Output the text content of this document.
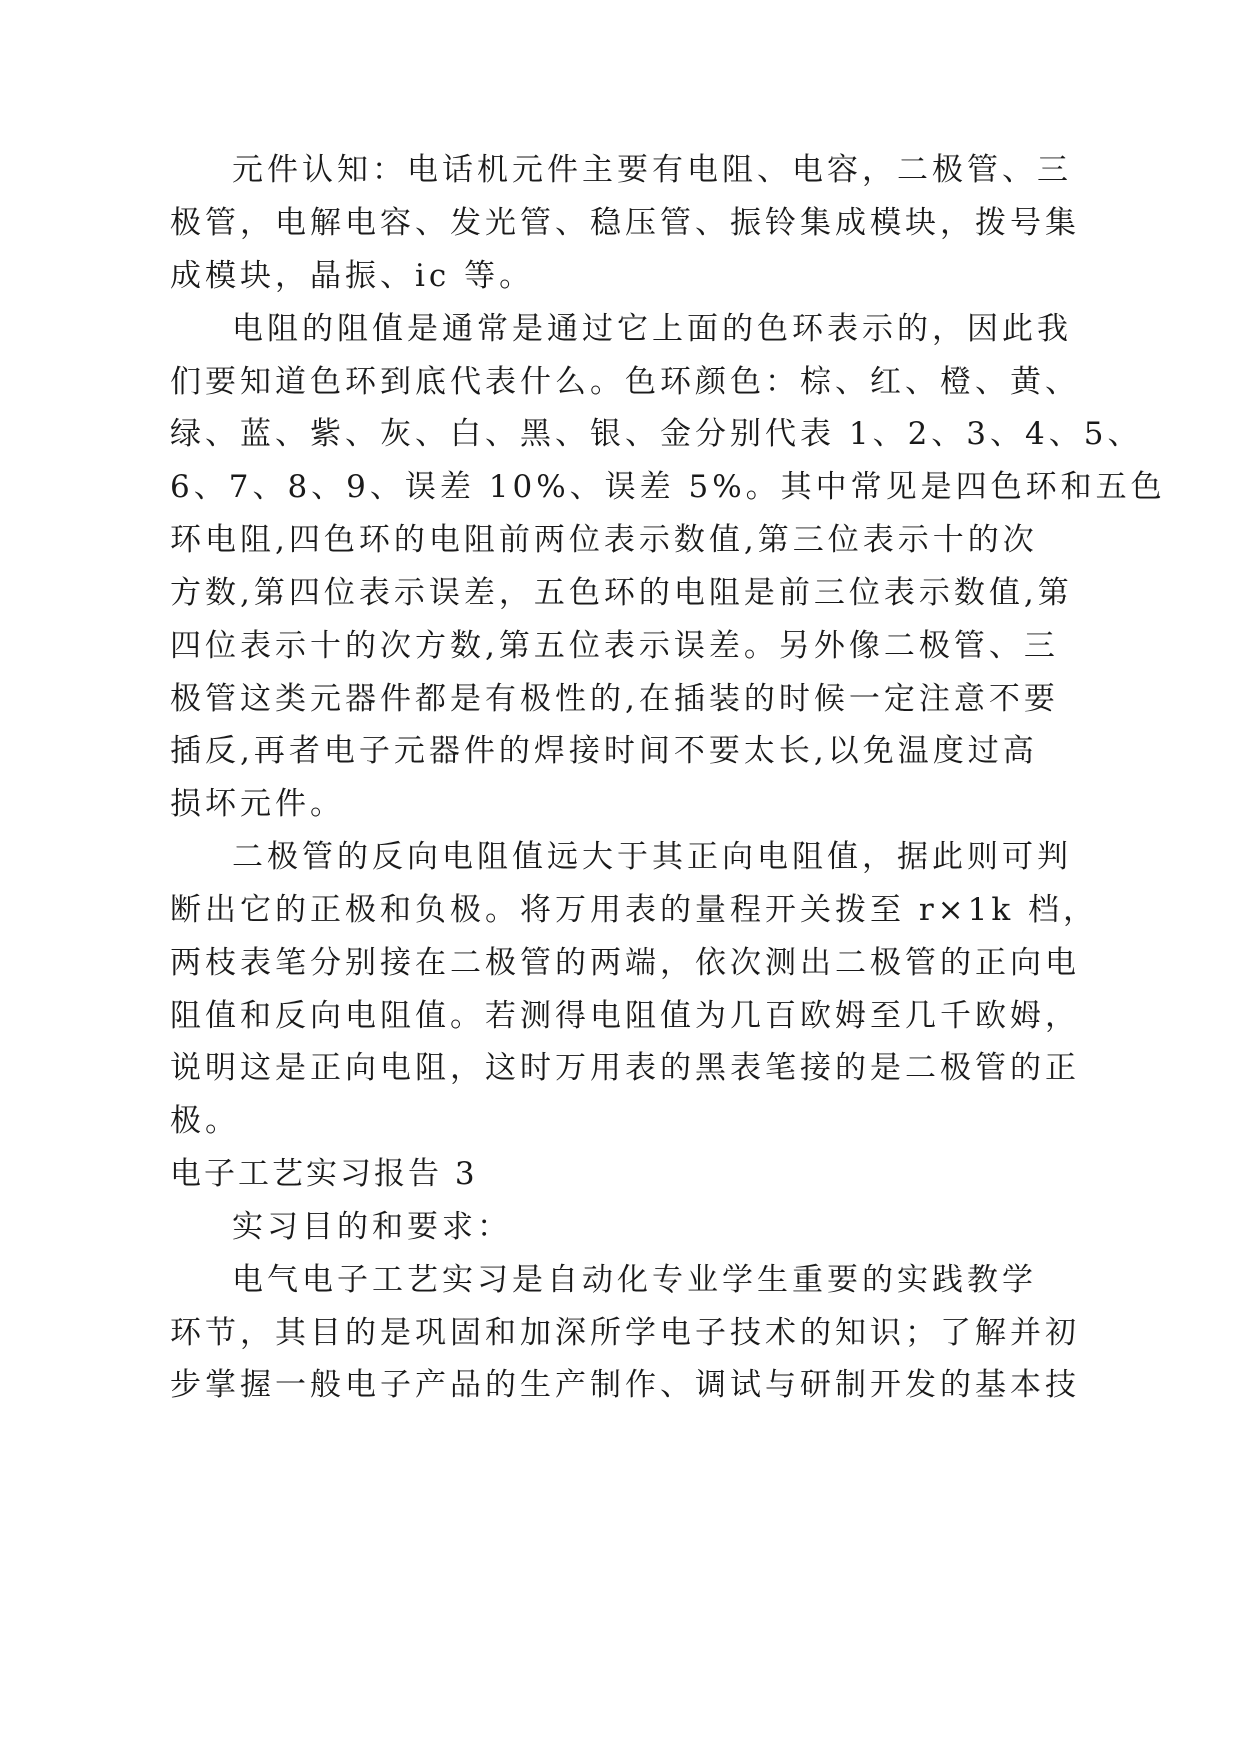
元件认知：电话机元件主要有电阻、电容，二极管、三
极管，电解电容、发光管、稳压管、振铃集成模块，拨号集
成模块，晶振、ic 等。
电阻的阻值是通常是通过它上面的色环表示的，因此我
们要知道色环到底代表什么。色环颜色：棕、红、橙、黄、
绿、蓝、紫、灰、白、黑、银、金分别代表 1、2、3、4、5、
6、7、8、9、误差 10%、误差 5%。其中常见是四色环和五色
环电阻,四色环的电阻前两位表示数值,第三位表示十的次
方数,第四位表示误差，五色环的电阻是前三位表示数值,第
四位表示十的次方数,第五位表示误差。另外像二极管、三
极管这类元器件都是有极性的,在插装的时候一定注意不要
插反,再者电子元器件的焊接时间不要太长,以免温度过高
损坏元件。
二极管的反向电阻值远大于其正向电阻值，据此则可判
断出它的正极和负极。将万用表的量程开关拨至 r×1k 档，
两枝表笔分别接在二极管的两端，依次测出二极管的正向电
阻值和反向电阻值。若测得电阻值为几百欧姆至几千欧姆，
说明这是正向电阻，这时万用表的黑表笔接的是二极管的正
极。
电子工艺实习报告 3
实习目的和要求：
电气电子工艺实习是自动化专业学生重要的实践教学
环节，其目的是巩固和加深所学电子技术的知识；了解并初
步掌握一般电子产品的生产制作、调试与研制开发的基本技
